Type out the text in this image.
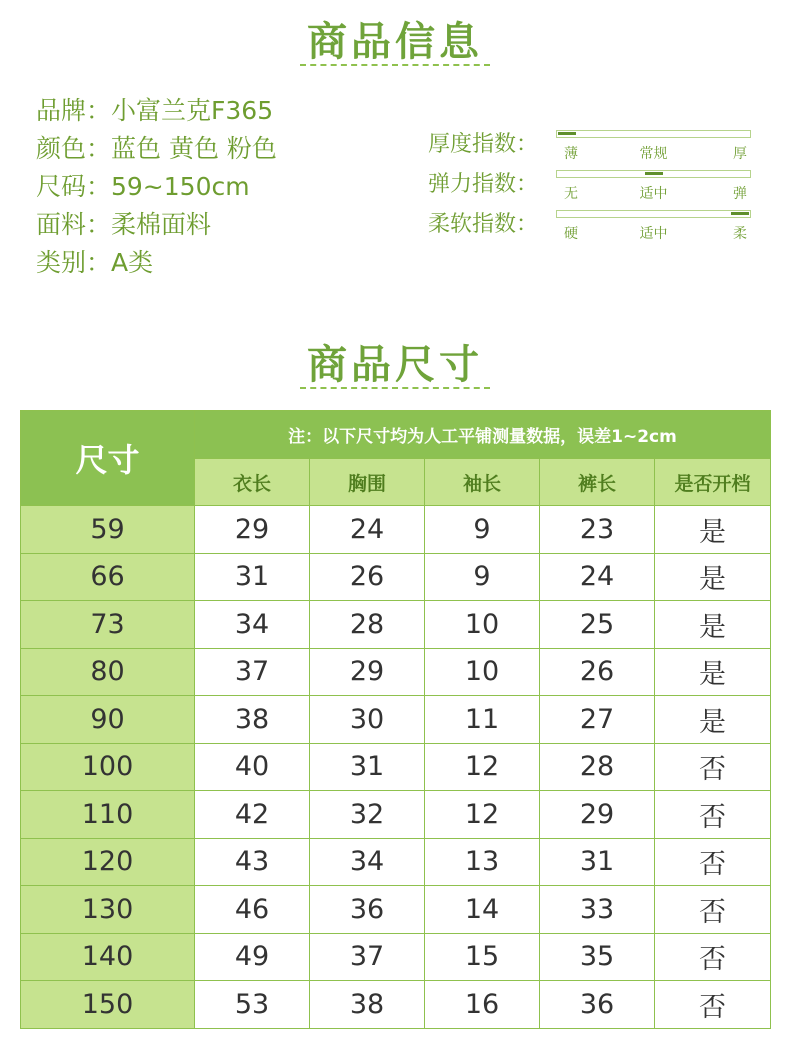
商品信息
品牌：小富兰克F365
颜色：蓝色 黄色 粉色
尺码：59~150cm
面料：柔棉面料
类别：A类
厚度指数： 薄	常规	厚
弹力指数： 无	适中	弹
柔软指数： 硬	适中	柔
商品尺寸
尺寸	注：以下尺寸均为人工平铺测量数据，误差1~2cm				
	衣长	胸围	袖长	裤长	是否开档
59	29	24	9	23	是
66	31	26	9	24	是
73	34	28	10	25	是
80	37	29	10	26	是
90	38	30	11	27	是
100	40	31	12	28	否
110	42	32	12	29	否
120	43	34	13	31	否
130	46	36	14	33	否
140	49	37	15	35	否
150	53	38	16	36	否
